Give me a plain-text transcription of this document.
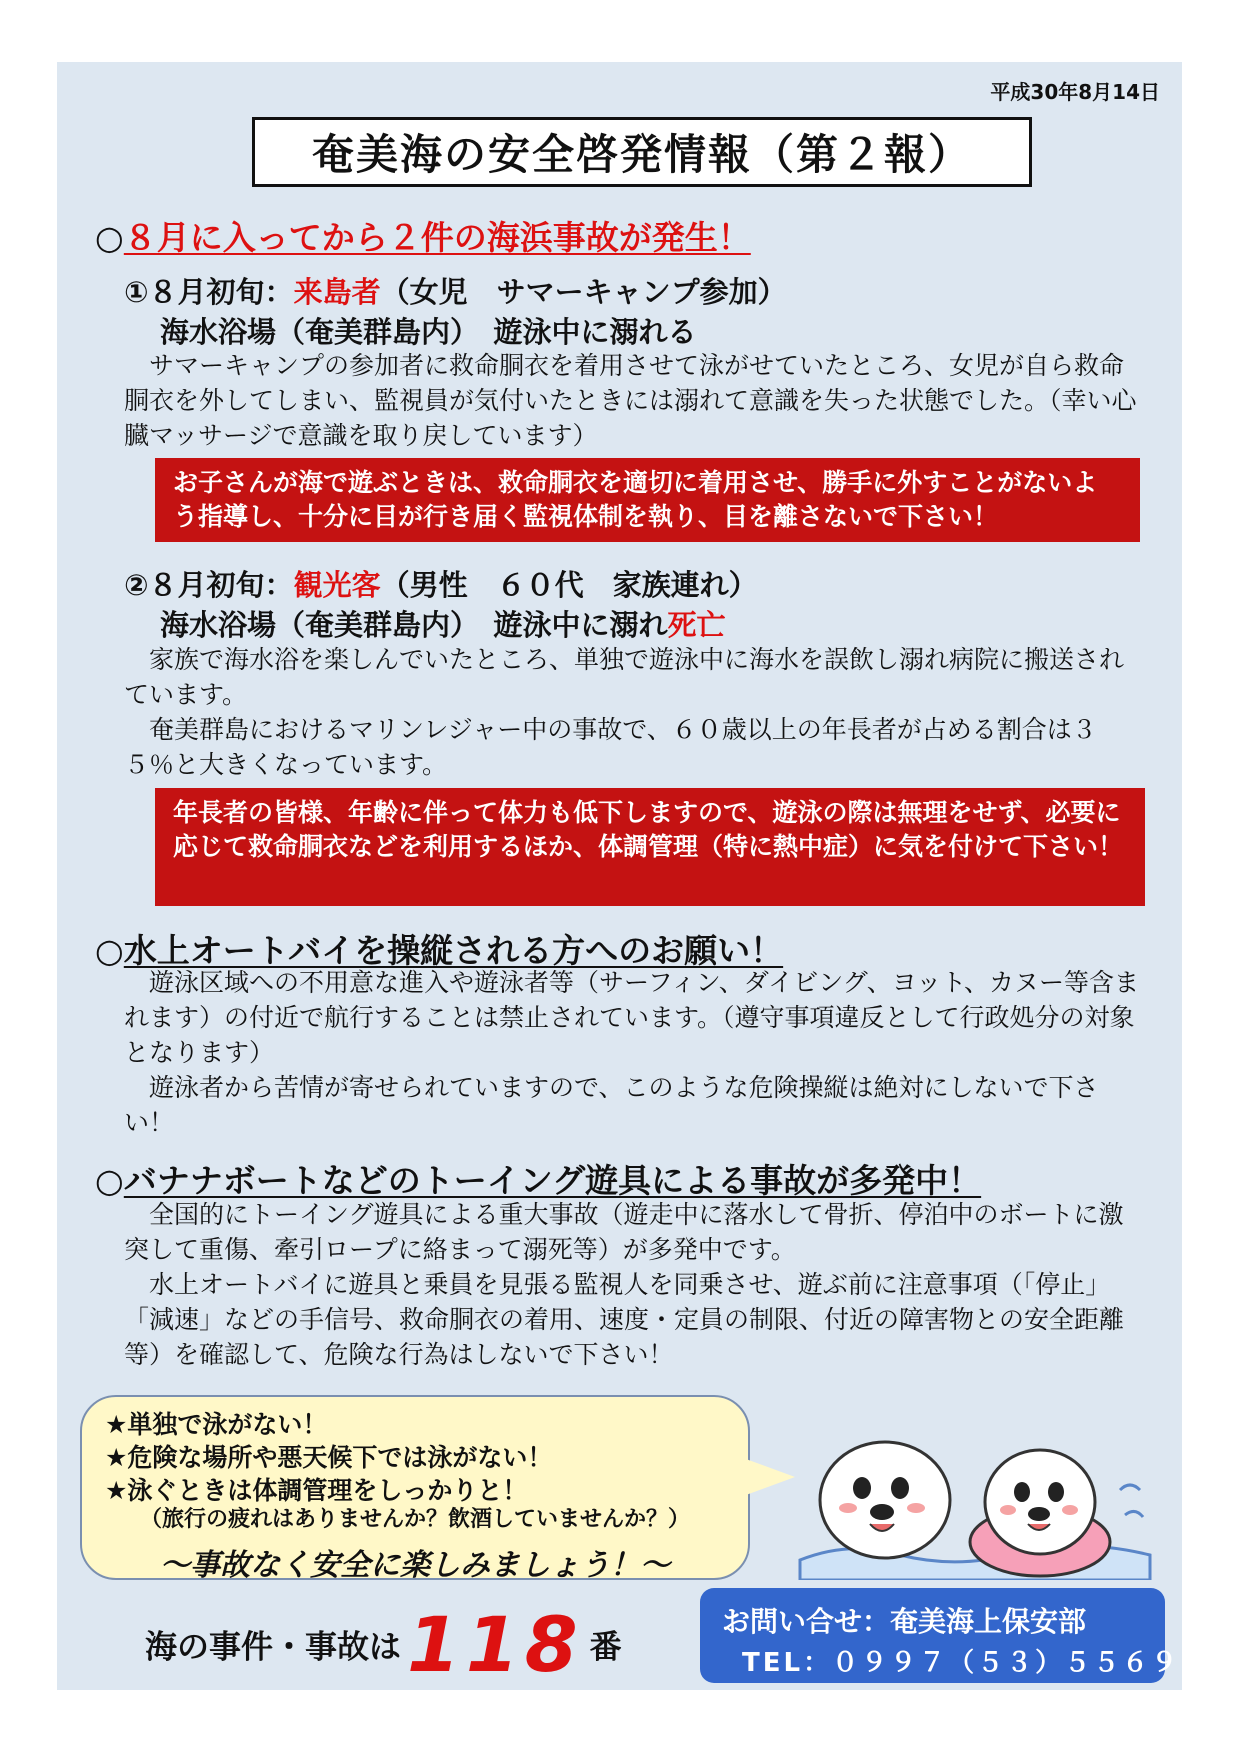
平成30年8月14日
奄美海の安全啓発情報（第２報）
○８月に入ってから２件の海浜事故が発生！
①８月初旬：来島者（女児　サマーキャンプ参加）
海水浴場（奄美群島内）　遊泳中に溺れる
　サマーキャンプの参加者に救命胴衣を着用させて泳がせていたところ、女児が自ら救命胴衣を外してしまい、監視員が気付いたときには溺れて意識を失った状態でした。（幸い心臓マッサージで意識を取り戻しています）
お子さんが海で遊ぶときは、救命胴衣を適切に着用させ、勝手に外すことがないよう指導し、十分に目が行き届く監視体制を執り、目を離さないで下さい！
②８月初旬：観光客（男性　６０代　家族連れ）
海水浴場（奄美群島内）　遊泳中に溺れ死亡
　家族で海水浴を楽しんでいたところ、単独で遊泳中に海水を誤飲し溺れ病院に搬送されています。
　奄美群島におけるマリンレジャー中の事故で、６０歳以上の年長者が占める割合は３５％と大きくなっています。
年長者の皆様、年齢に伴って体力も低下しますので、遊泳の際は無理をせず、必要に応じて救命胴衣などを利用するほか、体調管理（特に熱中症）に気を付けて下さい！
○水上オートバイを操縦される方へのお願い！
　遊泳区域への不用意な進入や遊泳者等（サーフィン、ダイビング、ヨット、カヌー等含まれます）の付近で航行することは禁止されています。（遵守事項違反として行政処分の対象となります）
　遊泳者から苦情が寄せられていますので、このような危険操縦は絶対にしないで下さい！
○バナナボートなどのトーイング遊具による事故が多発中！
　全国的にトーイング遊具による重大事故（遊走中に落水して骨折、停泊中のボートに激突して重傷、牽引ロープに絡まって溺死等）が多発中です。
　水上オートバイに遊具と乗員を見張る監視人を同乗させ、遊ぶ前に注意事項（「停止」「減速」などの手信号、救命胴衣の着用、速度・定員の制限、付近の障害物との安全距離等）を確認して、危険な行為はしないで下さい！
★単独で泳がない！
★危険な場所や悪天候下では泳がない！
★泳ぐときは体調管理をしっかりと！
（旅行の疲れはありませんか？飲酒していませんか？）
～事故なく安全に楽しみましょう！～
海の事件・事故は118 番
お問い合せ：奄美海上保安部
TEL：０９９７（５３）５５６９
